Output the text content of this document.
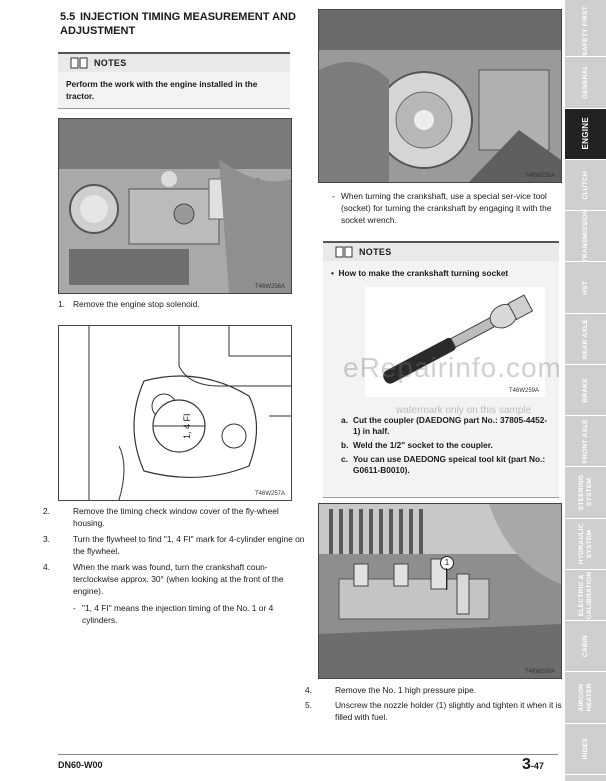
5.5 INJECTION TIMING MEASUREMENT AND ADJUSTMENT
NOTES
Perform the work with the engine installed in the tractor.
T46W256A
1. Remove the engine stop solenoid.
1, 4 FI
T46W257A
2.	Remove the timing check window cover of the fly-wheel housing.
3.	Turn the flywheel to find "1, 4 FI" mark for 4-cylinder engine on the flywheel.
4.	When the mark was found, turn the crankshaft coun-terclockwise approx. 30° (when looking at the front of the engine).
- "1, 4 FI" means the injection timing of the No. 1 or 4 cylinders.
T46W258A
- When turning the crankshaft, use a special ser-vice tool (socket) for turning the crankshaft by engaging it with the socket wrench.
NOTES
• How to make the crankshaft turning socket
T46W259A
a. Cut the coupler (DAEDONG part No.: 37805-4452-1) in half.
b. Weld the 1/2" socket to the coupler.
c. You can use DAEDONG speical tool kit (part No.: G0611-B0010).
eRepairinfo.com
watermark only on this sample
1
T46W260A
4.	Remove the No. 1 high pressure pipe.
5.	Unscrew the nozzle holder (1) slightly and tighten it when it is filled with fuel.
DN60-W00	3-47
SAFETY FIRST
GENERAL
ENGINE
CLUTCH
TRANSMISSION
HST
REAR AXLE
BRAKE
FRONT AXLE
STEERING SYSTEM
HYDRAULIC SYSTEM
ELECTRIC & CALIBRATION
CABIN
AIRCON HEATER
INDEX
